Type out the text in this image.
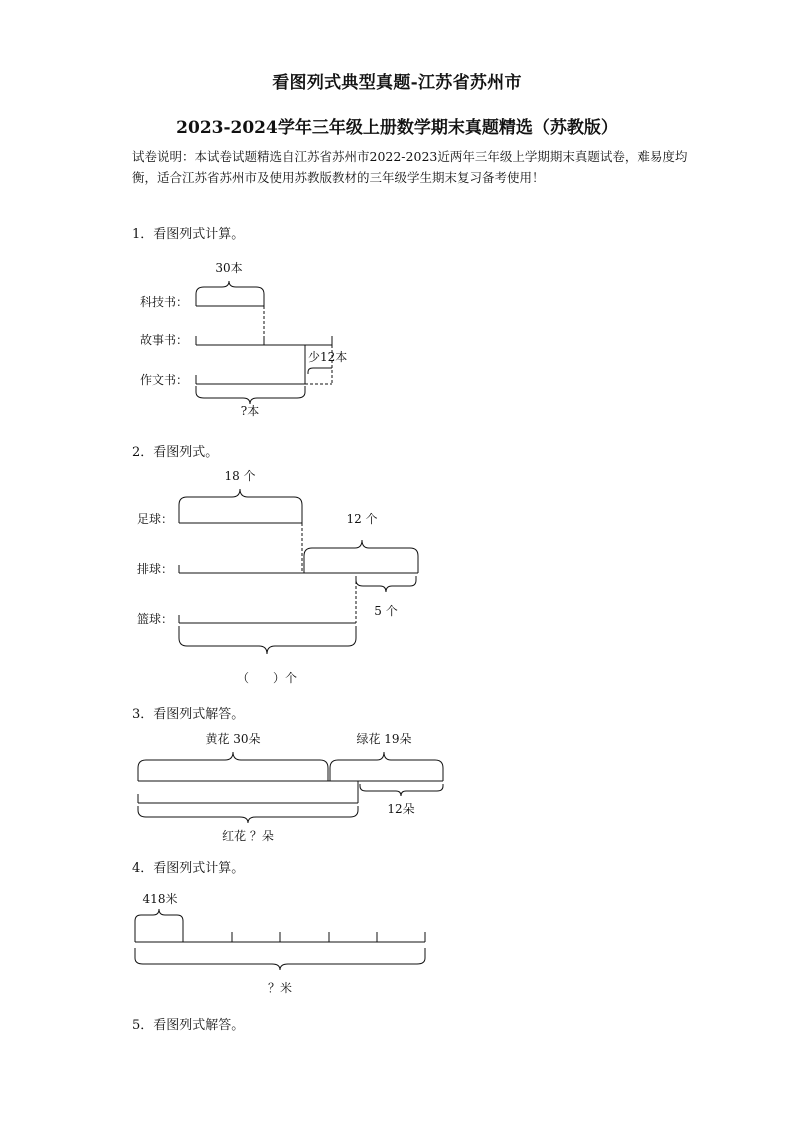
看图列式典型真题-江苏省苏州市
2023-2024学年三年级上册数学期末真题精选（苏教版）
试卷说明：本试卷试题精选自江苏省苏州市2022-2023近两年三年级上学期期末真题试卷，难易度均衡，适合江苏省苏州市及使用苏教版教材的三年级学生期末复习备考使用！
1．看图列式计算。
2．看图列式。
3．看图列式解答。
4．看图列式计算。
5．看图列式解答。
科技书：
故事书：
作文书：
30本
少12本
?本
足球：
排球：
篮球：
18 个
12 个
5 个
（　　）个
黄花 30朵	绿花 19朵
12朵
红花 ？朵
418米
？米
